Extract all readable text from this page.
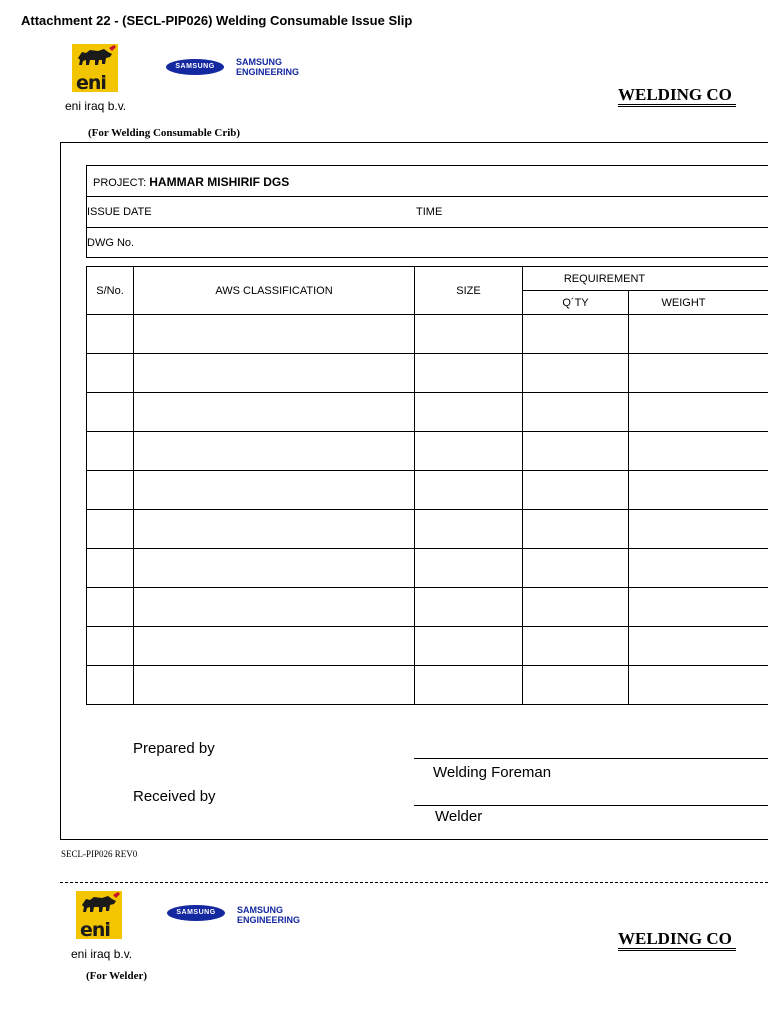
Attachment 22 - (SECL-PIP026) Welding Consumable Issue Slip
eni
eni iraq b.v.
SAMSUNG	SAMSUNG
ENGINEERING
WELDING CO
(For Welding Consumable Crib)
PROJECT: HAMMAR MISHIRIF DGS
ISSUE DATE	TIME
DWG No.
S/No.	AWS CLASSIFICATION	SIZE	REQUIREMENT	
			Q´TY	WEIGHT

Prepared by
Welding Foreman
Received by
Welder
SECL-PIP026 REV0
eni
eni iraq b.v.
SAMSUNG	SAMSUNG
ENGINEERING
WELDING CO
(For Welder)
